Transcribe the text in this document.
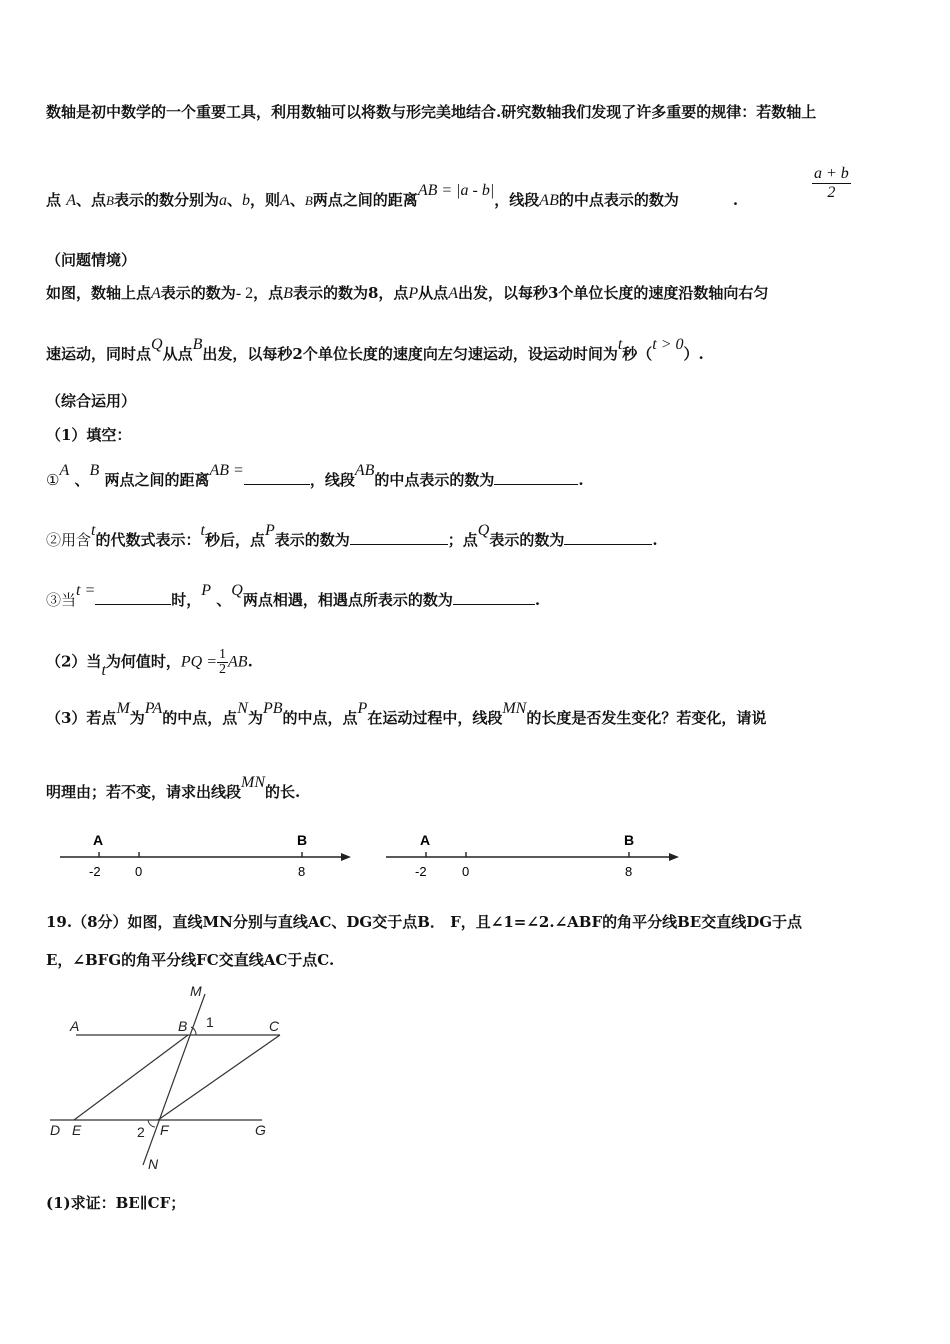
数轴是初中数学的一个重要工具，利用数轴可以将数与形完美地结合.研究数轴我们发现了许多重要的规律：若数轴上
点 A、点B表示的数分别为a、b，则A、B两点之间的距离AB = |a - b|，线段AB的中点表示的数为	.	$\frac{a + b}{2}$
（问题情境）
如图，数轴上点A表示的数为- 2，点B表示的数为8，点P从点A出发，以每秒3个单位长度的速度沿数轴向右匀
速运动，同时点Q从点B出发，以每秒2个单位长度的速度向左匀速运动，设运动时间为t秒（t > 0）.
（综合运用）
（1）填空：
①A 、B 两点之间的距离AB =，线段AB的中点表示的数为	.
②用含t的代数式表示：t秒后，点P表示的数为	；点Q表示的数为	.
③当t =时，P 、Q两点相遇，相遇点所表示的数为	.
（2）当t为何值时，PQ = $\frac{1}{2}$ AB.
（3）若点M为PA的中点，点N为PB的中点，点P在运动过程中，线段MN的长度是否发生变化？若变化，请说
明理由；若不变，请求出线段MN的长.
A	B
-2	0	8
A	B
-2	0	8
19.（8分）如图，直线MN分别与直线AC、DG交于点B． F，且∠1=∠2.∠ABF的角平分线BE交直线DG于点
E，∠BFG的角平分线FC交直线AC于点C.
M
A	B 1	C
D E	2 F	G
N
(1)求证：BE∥CF；
